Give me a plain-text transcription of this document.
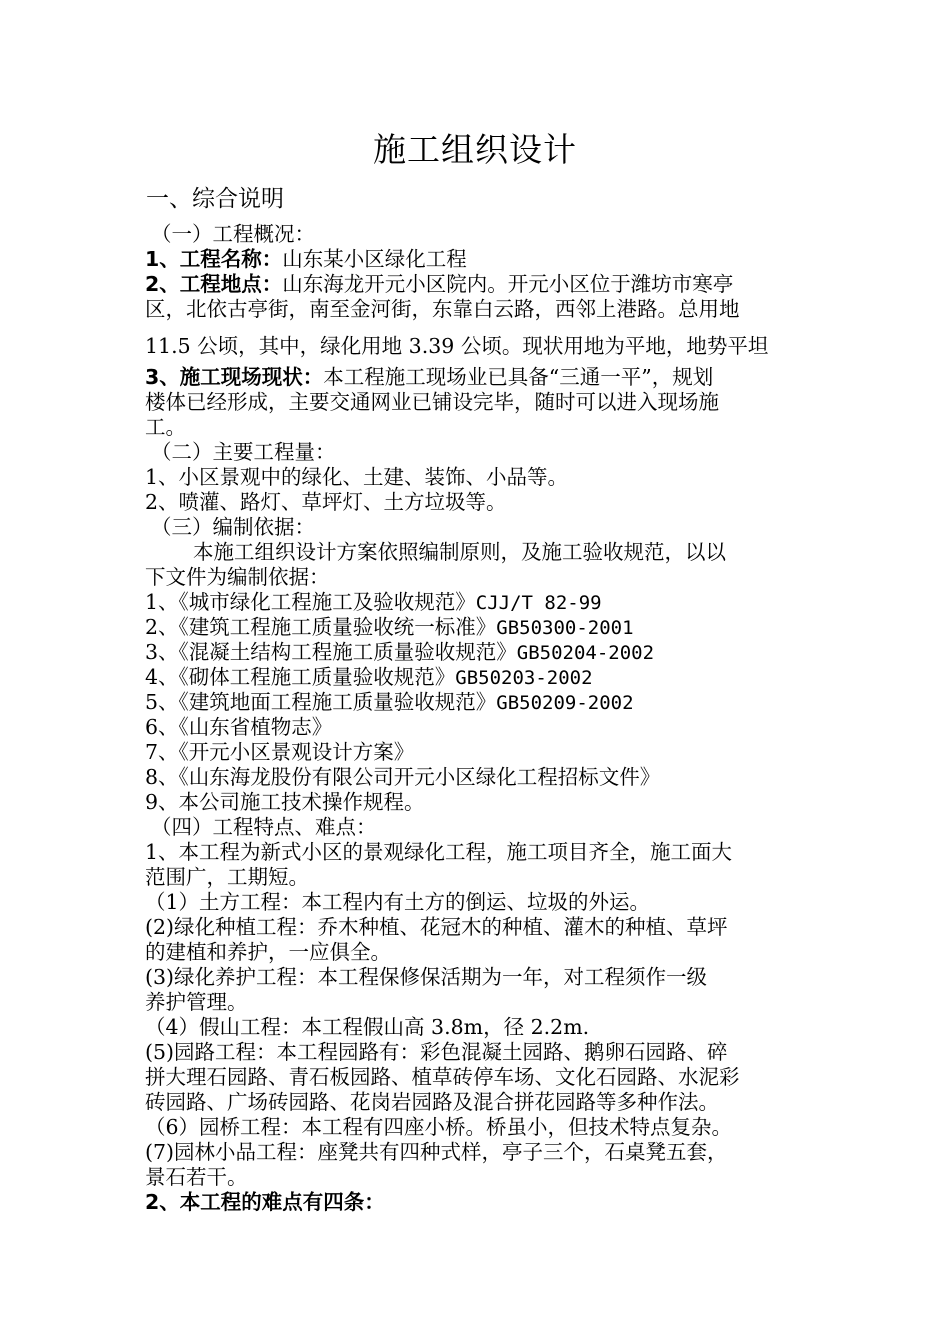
施工组织设计
一、综合说明
（一）工程概况：
1、工程名称：山东某小区绿化工程
2、工程地点：山东海龙开元小区院内。开元小区位于潍坊市寒亭
区，北依古亭街，南至金河街，东靠白云路，西邻上港路。总用地
11.5 公顷，其中，绿化用地 3.39 公顷。现状用地为平地，地势平坦
3、施工现场现状：本工程施工现场业已具备“三通一平”，规划
楼体已经形成，主要交通网业已铺设完毕，随时可以进入现场施
工。
（二）主要工程量：
1、小区景观中的绿化、土建、装饰、小品等。
2、喷灌、路灯、草坪灯、土方垃圾等。
（三）编制依据：
本施工组织设计方案依照编制原则，及施工验收规范，以以
下文件为编制依据：
1、《城市绿化工程施工及验收规范》CJJ/T 82-99
2、《建筑工程施工质量验收统一标准》GB50300-2001
3、《混凝土结构工程施工质量验收规范》GB50204-2002
4、《砌体工程施工质量验收规范》GB50203-2002
5、《建筑地面工程施工质量验收规范》GB50209-2002
6、《山东省植物志》
7、《开元小区景观设计方案》
8、《山东海龙股份有限公司开元小区绿化工程招标文件》
9、本公司施工技术操作规程。
（四）工程特点、难点：
1、本工程为新式小区的景观绿化工程，施工项目齐全，施工面大
范围广，工期短。
（1）土方工程：本工程内有土方的倒运、垃圾的外运。
(2)绿化种植工程：乔木种植、花冠木的种植、灌木的种植、草坪
的建植和养护，一应俱全。
(3)绿化养护工程：本工程保修保活期为一年，对工程须作一级
养护管理。
（4）假山工程：本工程假山高 3.8m，径 2.2m.
(5)园路工程：本工程园路有：彩色混凝土园路、鹅卵石园路、碎
拼大理石园路、青石板园路、植草砖停车场、文化石园路、水泥彩
砖园路、广场砖园路、花岗岩园路及混合拼花园路等多种作法。
（6）园桥工程：本工程有四座小桥。桥虽小，但技术特点复杂。
(7)园林小品工程：座凳共有四种式样，亭子三个，石桌凳五套，
景石若干。
2、本工程的难点有四条：
